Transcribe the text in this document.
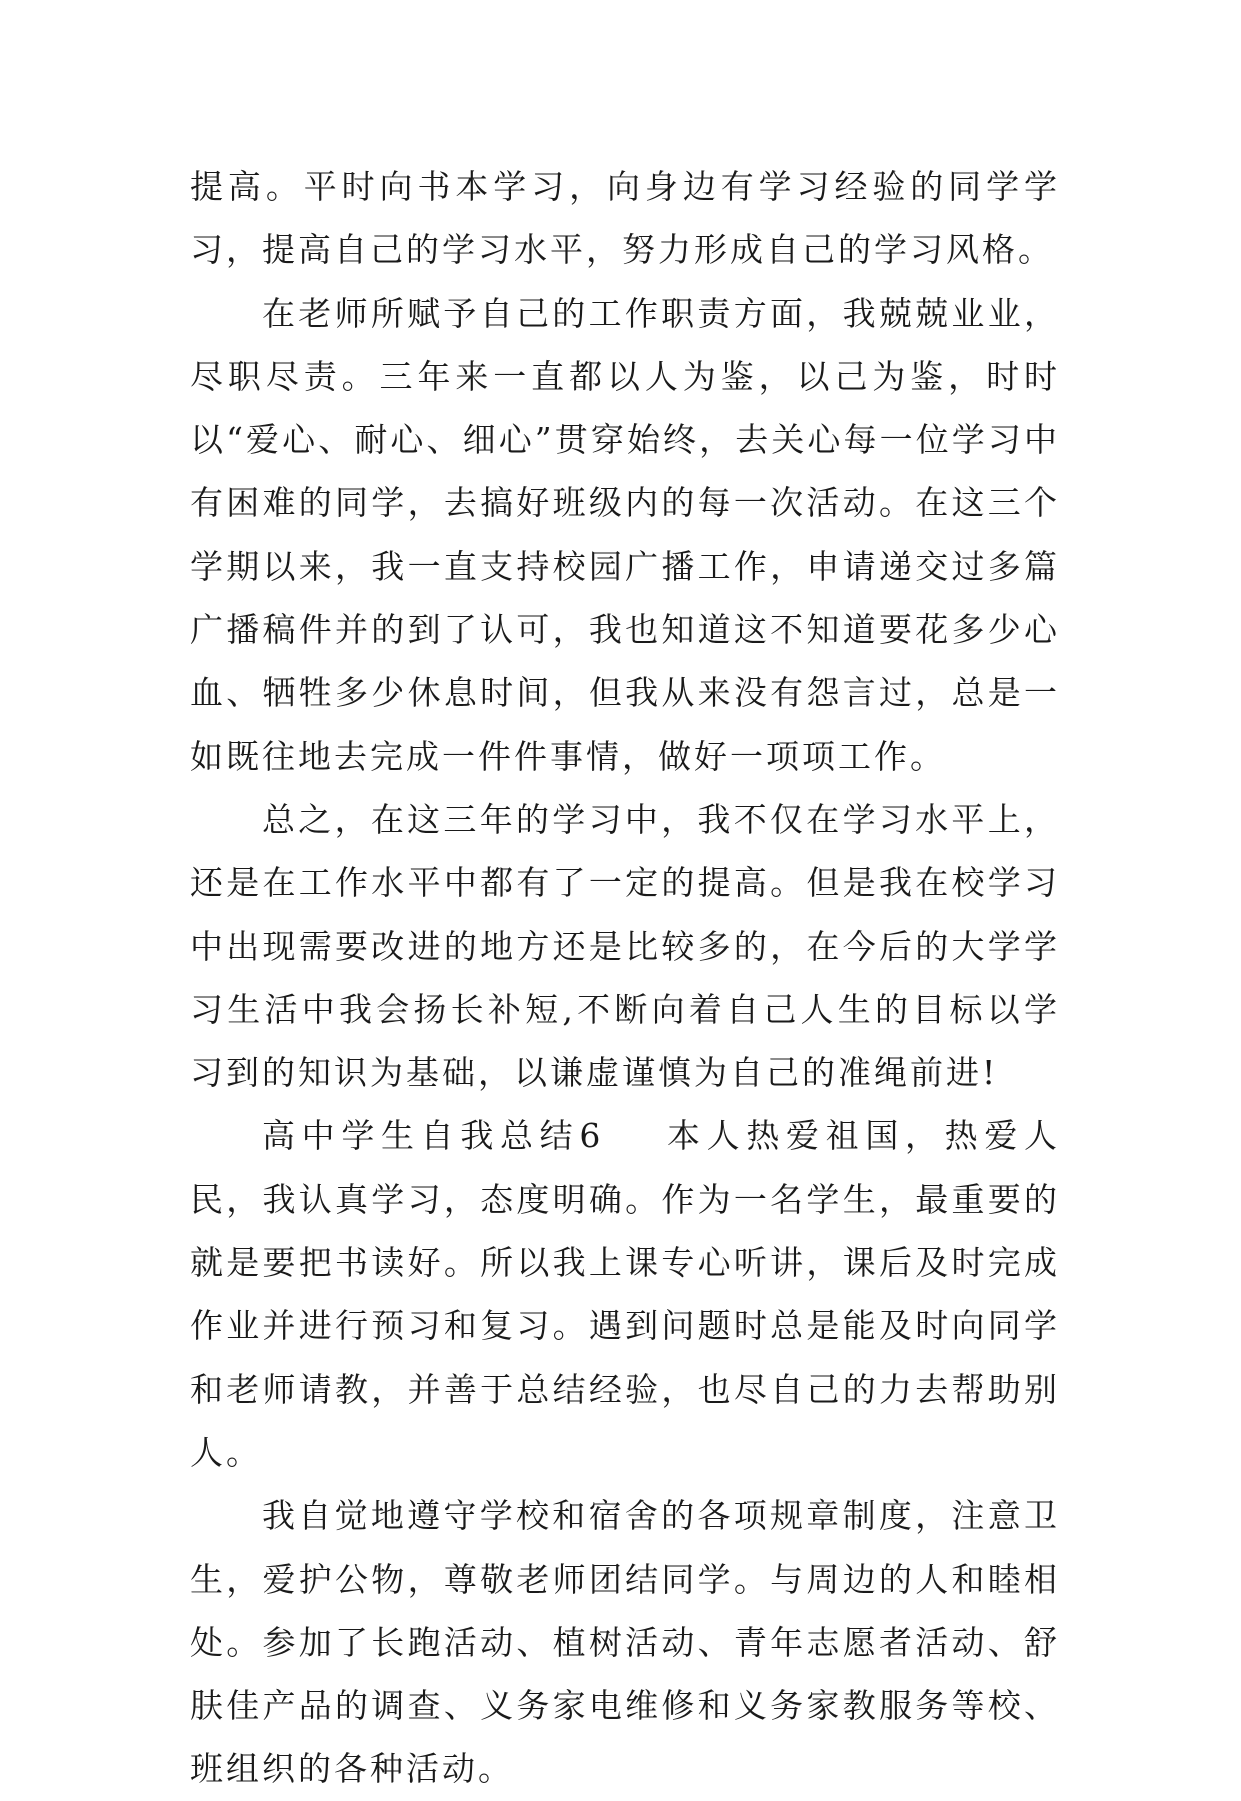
提高。平时向书本学习，向身边有学习经验的同学学习，提高自己的学习水平，努力形成自己的学习风格。

在老师所赋予自己的工作职责方面，我兢兢业业，尽职尽责。三年来一直都以人为鉴，以己为鉴，时时以“爱心、耐心、细心”贯穿始终，去关心每一位学习中有困难的同学，去搞好班级内的每一次活动。在这三个学期以来，我一直支持校园广播工作，申请递交过多篇广播稿件并的到了认可，我也知道这不知道要花多少心血、牺牲多少休息时间，但我从来没有怨言过，总是一如既往地去完成一件件事情，做好一项项工作。

总之，在这三年的学习中，我不仅在学习水平上，还是在工作水平中都有了一定的提高。但是我在校学习中出现需要改进的地方还是比较多的，在今后的大学学习生活中我会扬长补短,不断向着自己人生的目标以学习到的知识为基础，以谦虚谨慎为自己的准绳前进!

高中学生自我总结6 本人热爱祖国，热爱人民，我认真学习，态度明确。作为一名学生，最重要的就是要把书读好。所以我上课专心听讲，课后及时完成作业并进行预习和复习。遇到问题时总是能及时向同学和老师请教，并善于总结经验，也尽自己的力去帮助别人。

我自觉地遵守学校和宿舍的各项规章制度，注意卫生，爱护公物，尊敬老师团结同学。与周边的人和睦相处。参加了长跑活动、植树活动、青年志愿者活动、舒肤佳产品的调查、义务家电维修和义务家教服务等校、班组织的各种活动。
